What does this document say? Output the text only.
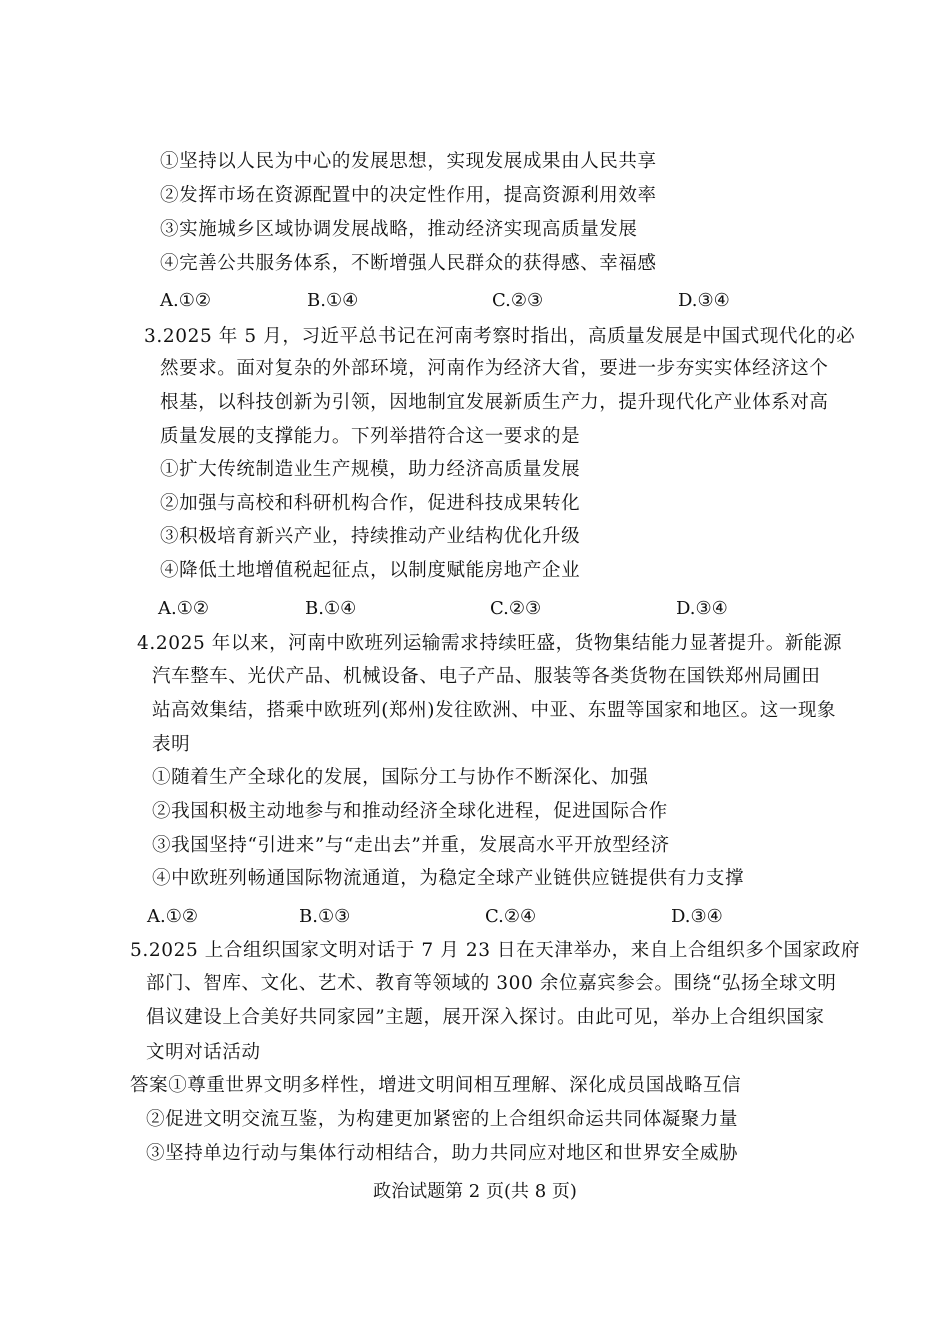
①坚持以人民为中心的发展思想，实现发展成果由人民共享
②发挥市场在资源配置中的决定性作用，提高资源利用效率
③实施城乡区域协调发展战略，推动经济实现高质量发展
④完善公共服务体系，不断增强人民群众的获得感、幸福感
A.①②	B.①④	C.②③	D.③④
3.2025 年 5 月，习近平总书记在河南考察时指出，高质量发展是中国式现代化的必
然要求。面对复杂的外部环境，河南作为经济大省，要进一步夯实实体经济这个
根基，以科技创新为引领，因地制宜发展新质生产力，提升现代化产业体系对高
质量发展的支撑能力。下列举措符合这一要求的是
①扩大传统制造业生产规模，助力经济高质量发展
②加强与高校和科研机构合作，促进科技成果转化
③积极培育新兴产业，持续推动产业结构优化升级
④降低土地增值税起征点，以制度赋能房地产企业
A.①②	B.①④	C.②③	D.③④
4.2025 年以来，河南中欧班列运输需求持续旺盛，货物集结能力显著提升。新能源
汽车整车、光伏产品、机械设备、电子产品、服装等各类货物在国铁郑州局圃田
站高效集结，搭乘中欧班列(郑州)发往欧洲、中亚、东盟等国家和地区。这一现象
表明
①随着生产全球化的发展，国际分工与协作不断深化、加强
②我国积极主动地参与和推动经济全球化进程，促进国际合作
③我国坚持“引进来”与“走出去”并重，发展高水平开放型经济
④中欧班列畅通国际物流通道，为稳定全球产业链供应链提供有力支撑
A.①②	B.①③	C.②④	D.③④
5.2025 上合组织国家文明对话于 7 月 23 日在天津举办，来自上合组织多个国家政府
部门、智库、文化、艺术、教育等领域的 300 余位嘉宾参会。围绕“弘扬全球文明
倡议建设上合美好共同家园”主题，展开深入探讨。由此可见，举办上合组织国家
文明对话活动
答案①尊重世界文明多样性，增进文明间相互理解、深化成员国战略互信
②促进文明交流互鉴，为构建更加紧密的上合组织命运共同体凝聚力量
③坚持单边行动与集体行动相结合，助力共同应对地区和世界安全威胁
政治试题第 2 页(共 8 页)
